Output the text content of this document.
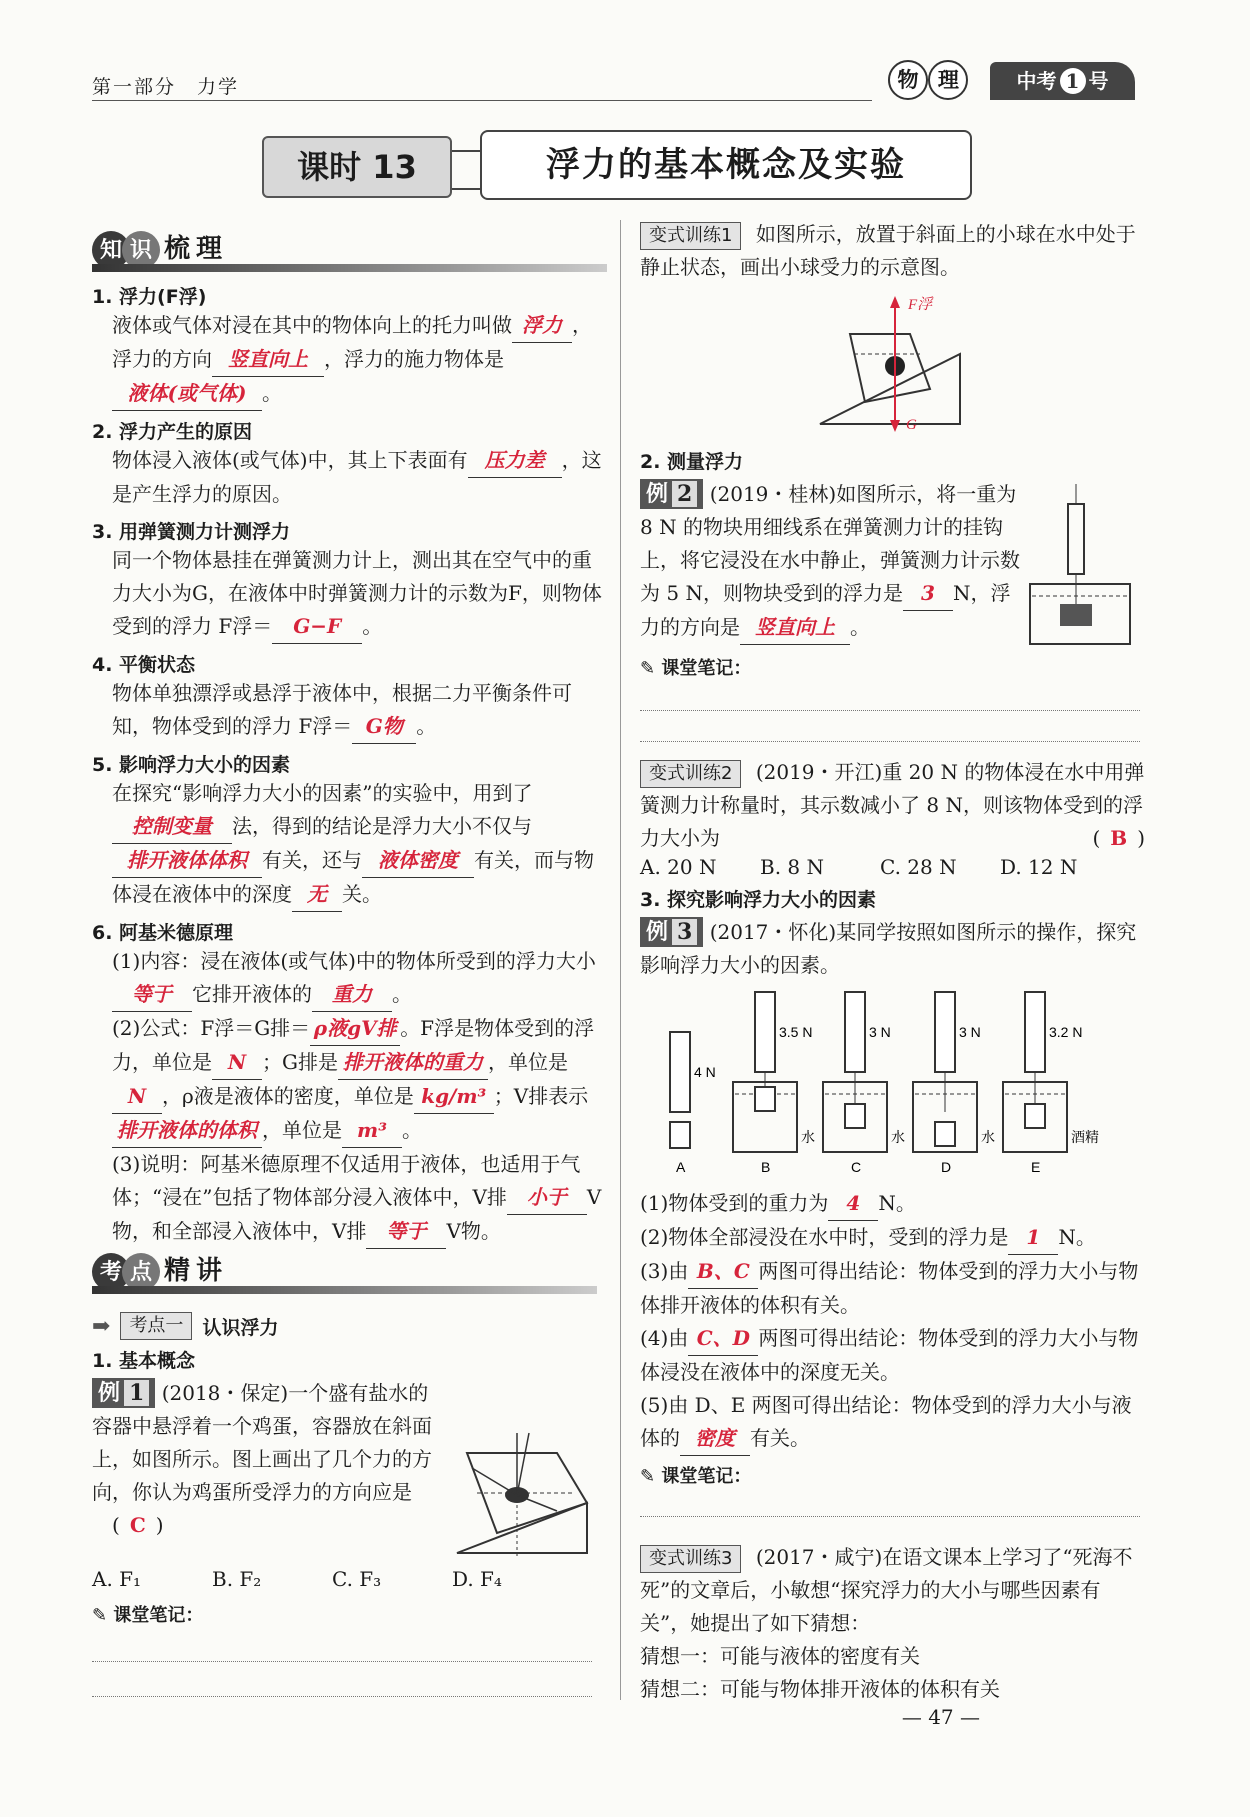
第一部分　力学	物 理	中考 1 号
课时 13	浮力的基本概念及实验
知 识 梳理
1. 浮力(F浮)
液体或气体对浸在其中的物体向上的托力叫做 浮力 ，浮力的方向 竖直向上 ，浮力的施力物体是液体(或气体) 。
2. 浮力产生的原因
物体浸入液体(或气体)中，其上下表面有 压力差 ，这是产生浮力的原因。
3. 用弹簧测力计测浮力
同一个物体悬挂在弹簧测力计上，测出其在空气中的重力大小为G，在液体中时弹簧测力计的示数为F，则物体受到的浮力 F浮＝ G−F 。
4. 平衡状态
物体单独漂浮或悬浮于液体中，根据二力平衡条件可知，物体受到的浮力 F浮＝ G物 。
5. 影响浮力大小的因素
在探究“影响浮力大小的因素”的实验中，用到了控制变量 法，得到的结论是浮力大小不仅与排开液体体积 有关，还与 液体密度 有关，而与物体浸在液体中的深度 无 关。
6. 阿基米德原理
(1)内容：浸在液体(或气体)中的物体所受到的浮力大小等于 它排开液体的 重力 。
(2)公式：F浮＝G排＝ ρ液gV排 。F浮是物体受到的浮力，单位是 N ；G排是 排开液体的重力 ，单位是N ，ρ液是液体的密度，单位是 kg/m³ ；V排表示排开液体的体积 ，单位是 m³ 。
(3)说明：阿基米德原理不仅适用于液体，也适用于气体；“浸在”包括了物体部分浸入液体中，V排 小于 V物，和全部浸入液体中，V排 等于 V物。
考 点 精讲
➡	考点一	认识浮力
1. 基本概念
例 1 (2018・保定)一个盛有盐水的容器中悬浮着一个鸡蛋，容器放在斜面上，如图所示。图上画出了几个力的方向，你认为鸡蛋所受浮力的方向应是 ( C )
A. F₁	B. F₂	C. F₃	D. F₄
✎ 课堂笔记：
变式训练1 如图所示，放置于斜面上的小球在水中处于静止状态，画出小球受力的示意图。
F浮
G
2. 测量浮力
例 2 (2019・桂林)如图所示，将一重为 8 N 的物块用细线系在弹簧测力计的挂钩上，将它浸没在水中静止，弹簧测力计示数为 5 N，则物块受到的浮力是 3 N，浮力的方向是 竖直向上 。
✎ 课堂笔记：
变式训练2 (2019・开江)重 20 N 的物体浸在水中用弹簧测力计称量时，其示数减小了 8 N，则该物体受到的浮力大小为	( B )
A. 20 N	B. 8 N	C. 28 N	D. 12 N
3. 探究影响浮力大小的因素
例 3 (2017・怀化)某同学按照如图所示的操作，探究影响浮力大小的因素。
4 N
A
3.5 N
B
水
3 N
C
水
3 N
D
水
3.2 N
E
酒精
(1)物体受到的重力为 4 N。
(2)物体全部浸没在水中时，受到的浮力是 1 N。
(3)由 B、C 两图可得出结论：物体受到的浮力大小与物体排开液体的体积有关。
(4)由 C、D 两图可得出结论：物体受到的浮力大小与物体浸没在液体中的深度无关。
(5)由 D、E 两图可得出结论：物体受到的浮力大小与液体的 密度 有关。
✎ 课堂笔记：
变式训练3 (2017・咸宁)在语文课本上学习了“死海不死”的文章后，小敏想“探究浮力的大小与哪些因素有关”，她提出了如下猜想：
猜想一：可能与液体的密度有关
猜想二：可能与物体排开液体的体积有关
— 47 —
